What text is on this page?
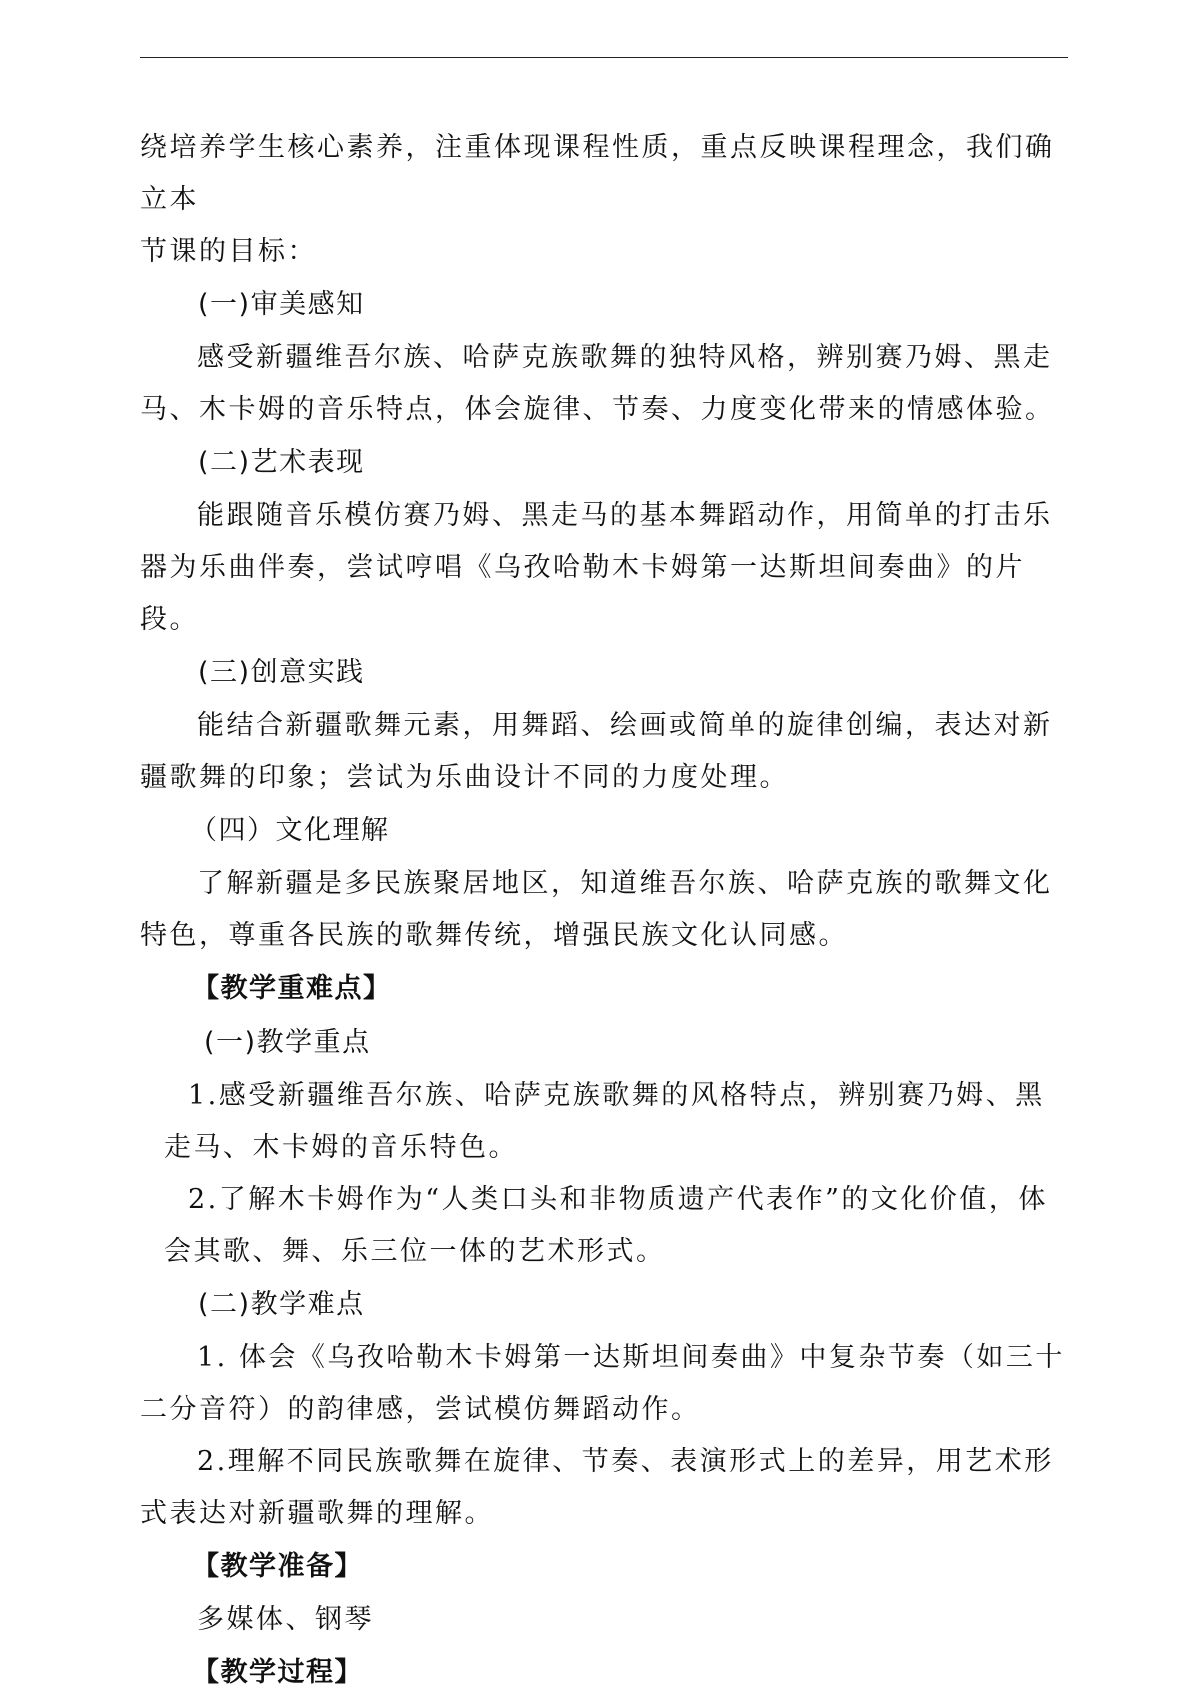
绕培养学生核心素养，注重体现课程性质，重点反映课程理念，我们确立本

节课的目标：

(一)审美感知

感受新疆维吾尔族、哈萨克族歌舞的独特风格，辨别赛乃姆、黑走马、木卡姆的音乐特点，体会旋律、节奏、力度变化带来的情感体验。

(二)艺术表现

能跟随音乐模仿赛乃姆、黑走马的基本舞蹈动作，用简单的打击乐器为乐曲伴奏，尝试哼唱《乌孜哈勒木卡姆第一达斯坦间奏曲》的片段。

(三)创意实践

能结合新疆歌舞元素，用舞蹈、绘画或简单的旋律创编，表达对新疆歌舞的印象；尝试为乐曲设计不同的力度处理。

（四）文化理解

了解新疆是多民族聚居地区，知道维吾尔族、哈萨克族的歌舞文化特色，尊重各民族的歌舞传统，增强民族文化认同感。

【教学重难点】

(一)教学重点

1.感受新疆维吾尔族、哈萨克族歌舞的风格特点，辨别赛乃姆、黑走马、木卡姆的音乐特色。

2.了解木卡姆作为“人类口头和非物质遗产代表作”的文化价值，体会其歌、舞、乐三位一体的艺术形式。

(二)教学难点

1. 体会《乌孜哈勒木卡姆第一达斯坦间奏曲》中复杂节奏（如三十二分音符）的韵律感，尝试模仿舞蹈动作。

2.理解不同民族歌舞在旋律、节奏、表演形式上的差异，用艺术形式表达对新疆歌舞的理解。

【教学准备】

多媒体、钢琴

【教学过程】
